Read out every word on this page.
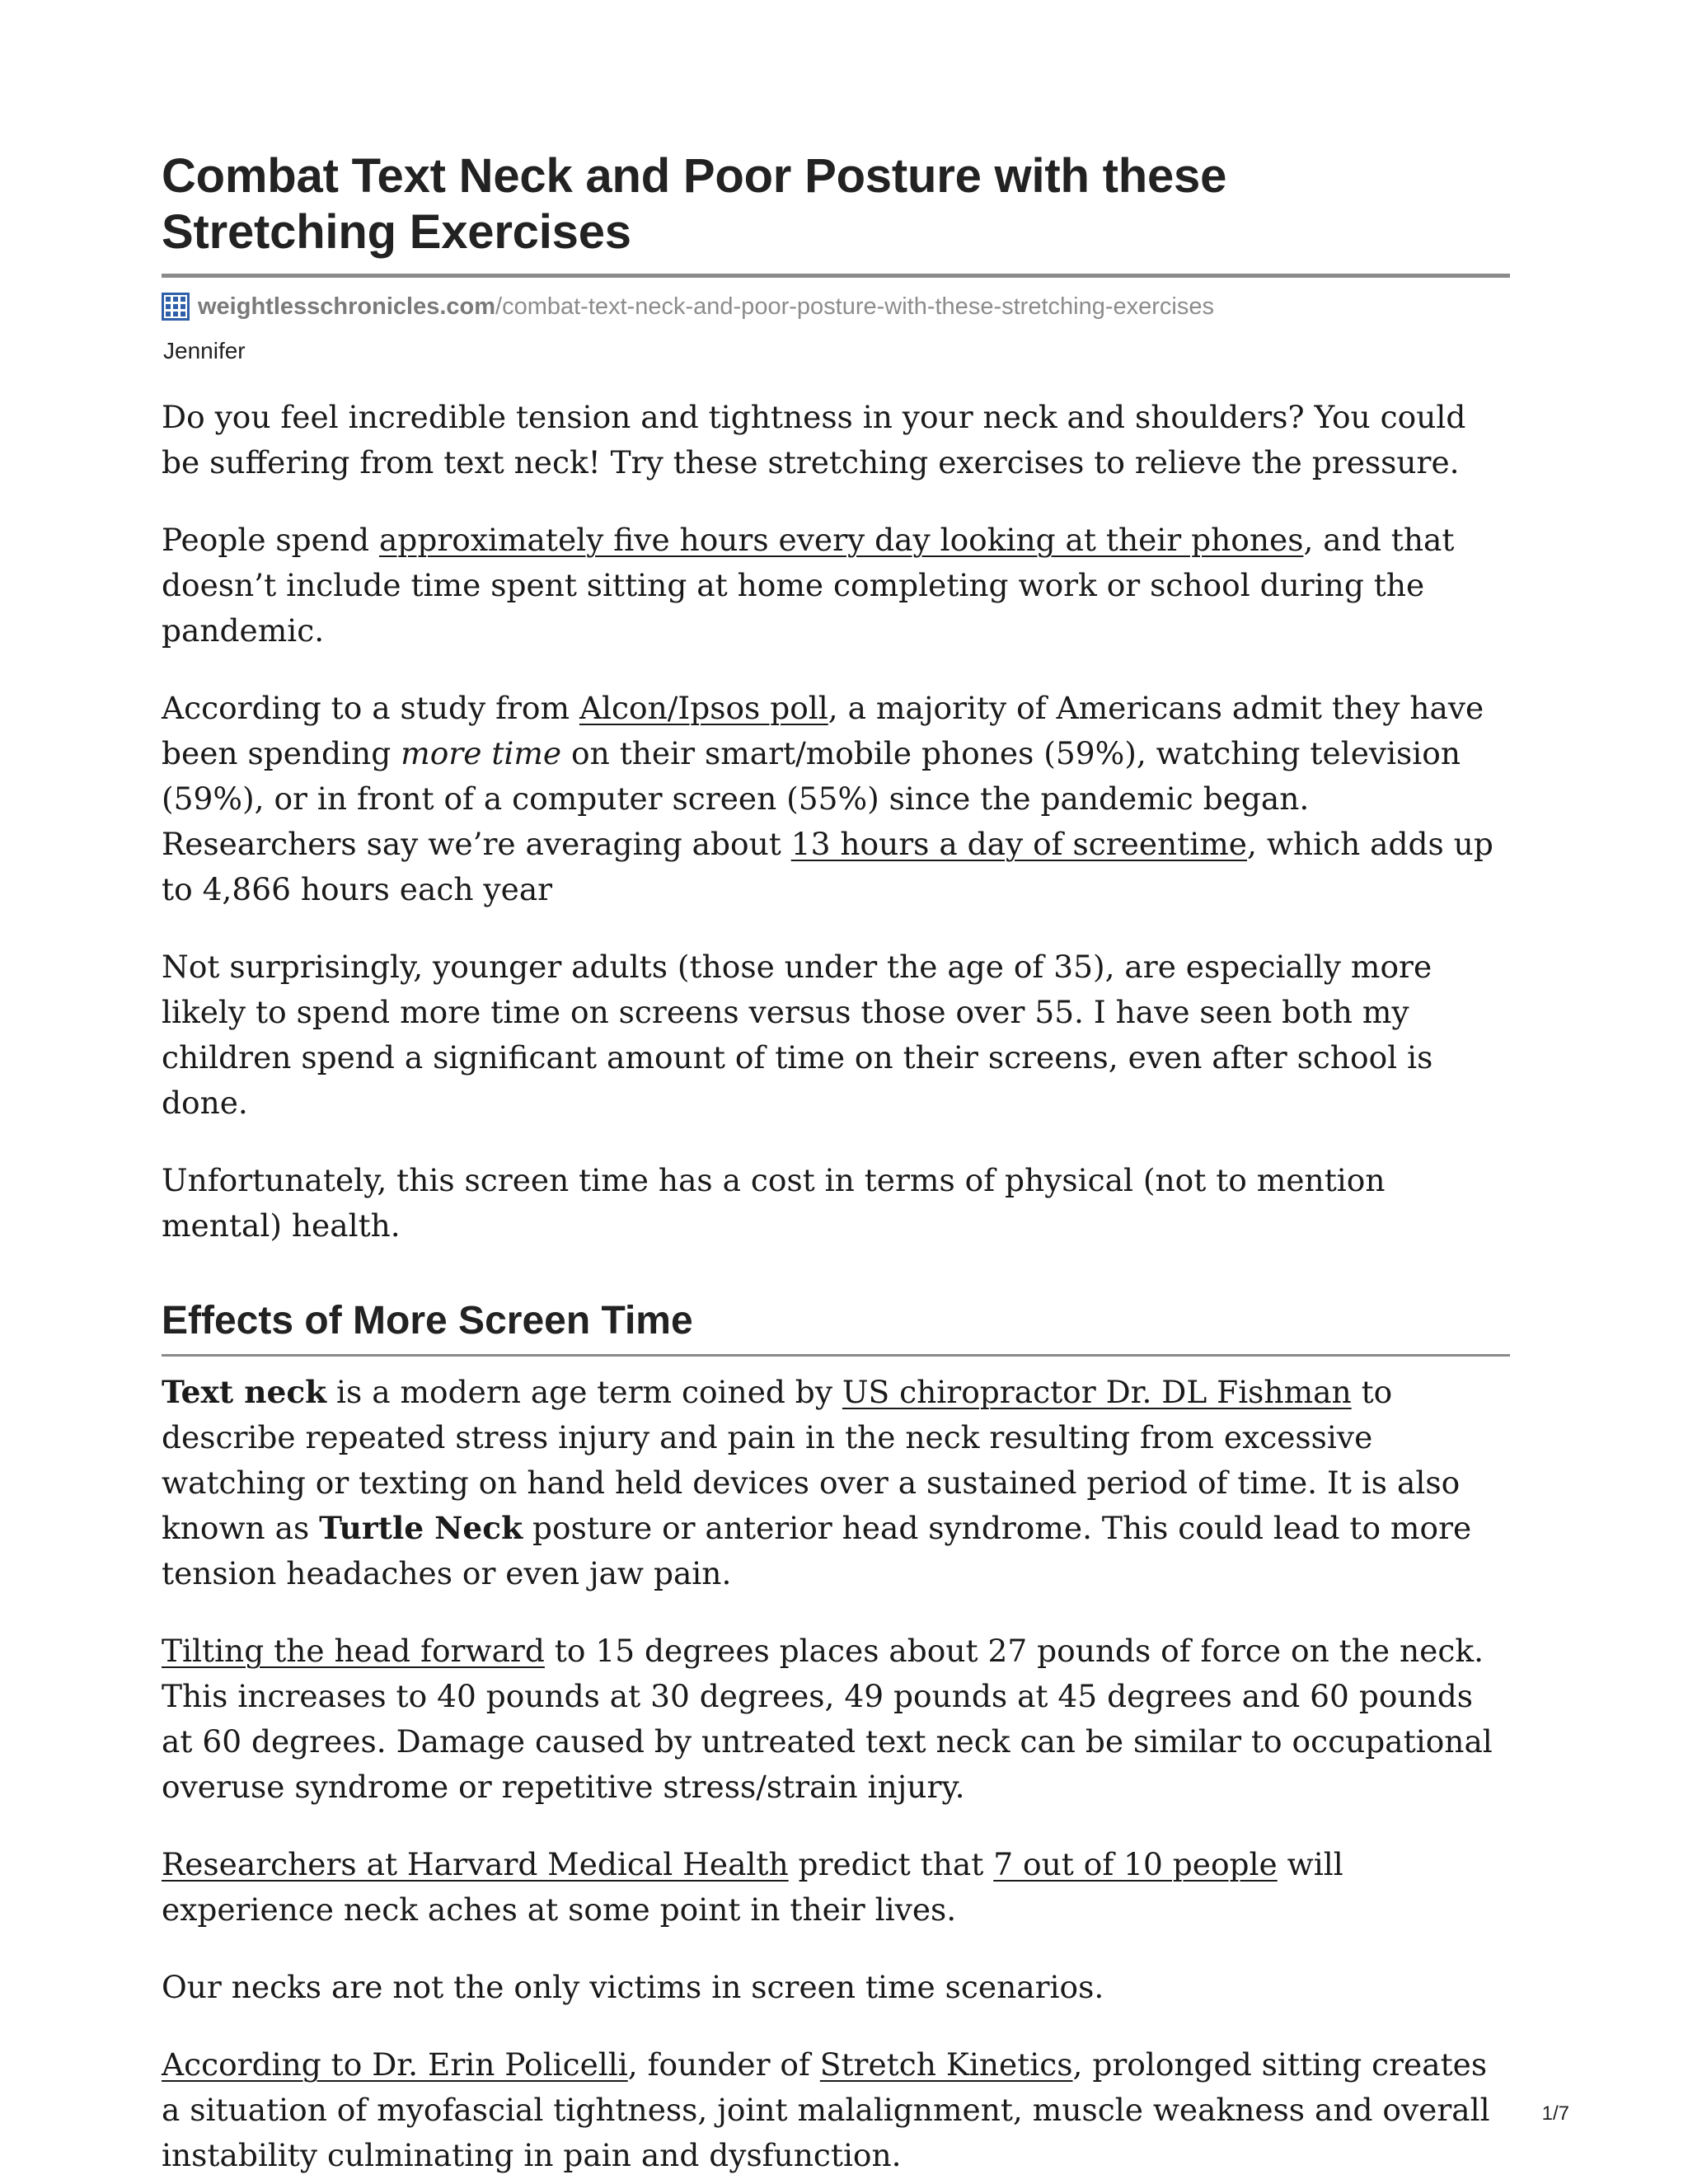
Combat Text Neck and Poor Posture with these
Stretching Exercises
weightlesschronicles.com /combat-text-neck-and-poor-posture-with-these-stretching-exercises
Jennifer

Do you feel incredible tension and tightness in your neck and shoulders? You could be suffering from text neck! Try these stretching exercises to relieve the pressure.

People spend approximately five hours every day looking at their phones, and that doesn’t include time spent sitting at home completing work or school during the pandemic.

According to a study from Alcon/Ipsos poll, a majority of Americans admit they have been spending more time on their smart/mobile phones (59%), watching television (59%), or in front of a computer screen (55%) since the pandemic began. Researchers say we’re averaging about 13 hours a day of screentime, which adds up to 4,866 hours each year

Not surprisingly, younger adults (those under the age of 35), are especially more likely to spend more time on screens versus those over 55. I have seen both my children spend a significant amount of time on their screens, even after school is done.

Unfortunately, this screen time has a cost in terms of physical (not to mention mental) health.

Effects of More Screen Time

Text neck is a modern age term coined by US chiropractor Dr. DL Fishman to describe repeated stress injury and pain in the neck resulting from excessive watching or texting on hand held devices over a sustained period of time. It is also known as Turtle Neck posture or anterior head syndrome. This could lead to more tension headaches or even jaw pain.

Tilting the head forward to 15 degrees places about 27 pounds of force on the neck. This increases to 40 pounds at 30 degrees, 49 pounds at 45 degrees and 60 pounds at 60 degrees. Damage caused by untreated text neck can be similar to occupational overuse syndrome or repetitive stress/strain injury.

Researchers at Harvard Medical Health predict that 7 out of 10 people will experience neck aches at some point in their lives.

Our necks are not the only victims in screen time scenarios.

According to Dr. Erin Policelli, founder of Stretch Kinetics, prolonged sitting creates a situation of myofascial tightness, joint malalignment, muscle weakness and overall instability culminating in pain and dysfunction.

1/7
